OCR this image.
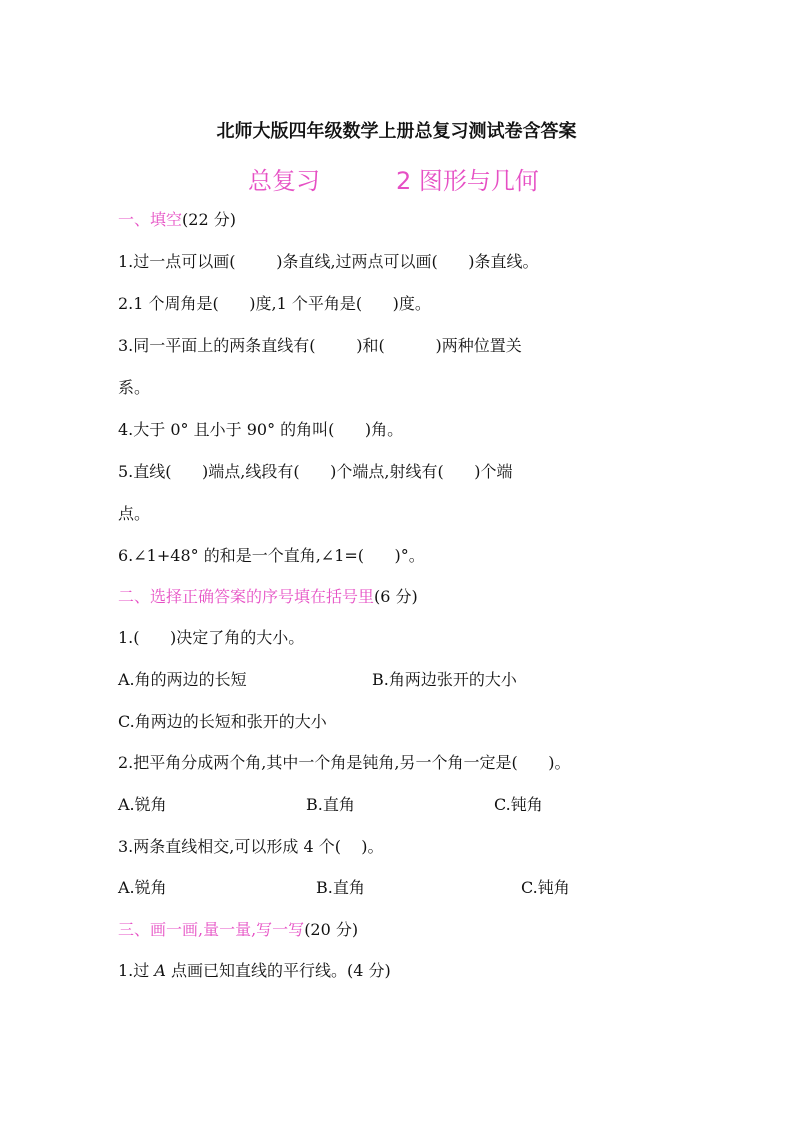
北师大版四年级数学上册总复习测试卷含答案
总复习	2 图形与几何
一、填空(22 分)
1.过一点可以画(        )条直线,过两点可以画(      )条直线。
2.1 个周角是(      )度,1 个平角是(      )度。
3.同一平面上的两条直线有(        )和(          )两种位置关
系。
4.大于 0° 且小于 90° 的角叫(      )角。
5.直线(      )端点,线段有(      )个端点,射线有(      )个端
点。
6.∠1+48° 的和是一个直角,∠1=(      )°。
二、选择正确答案的序号填在括号里(6 分)
1.(      )决定了角的大小。
A.角的两边的长短	B.角两边张开的大小
C.角两边的长短和张开的大小
2.把平角分成两个角,其中一个角是钝角,另一个角一定是(      )。
A.锐角	B.直角	C.钝角
3.两条直线相交,可以形成 4 个(    )。
A.锐角	B.直角	C.钝角
三、画一画,量一量,写一写(20 分)
1.过 A 点画已知直线的平行线。(4 分)
